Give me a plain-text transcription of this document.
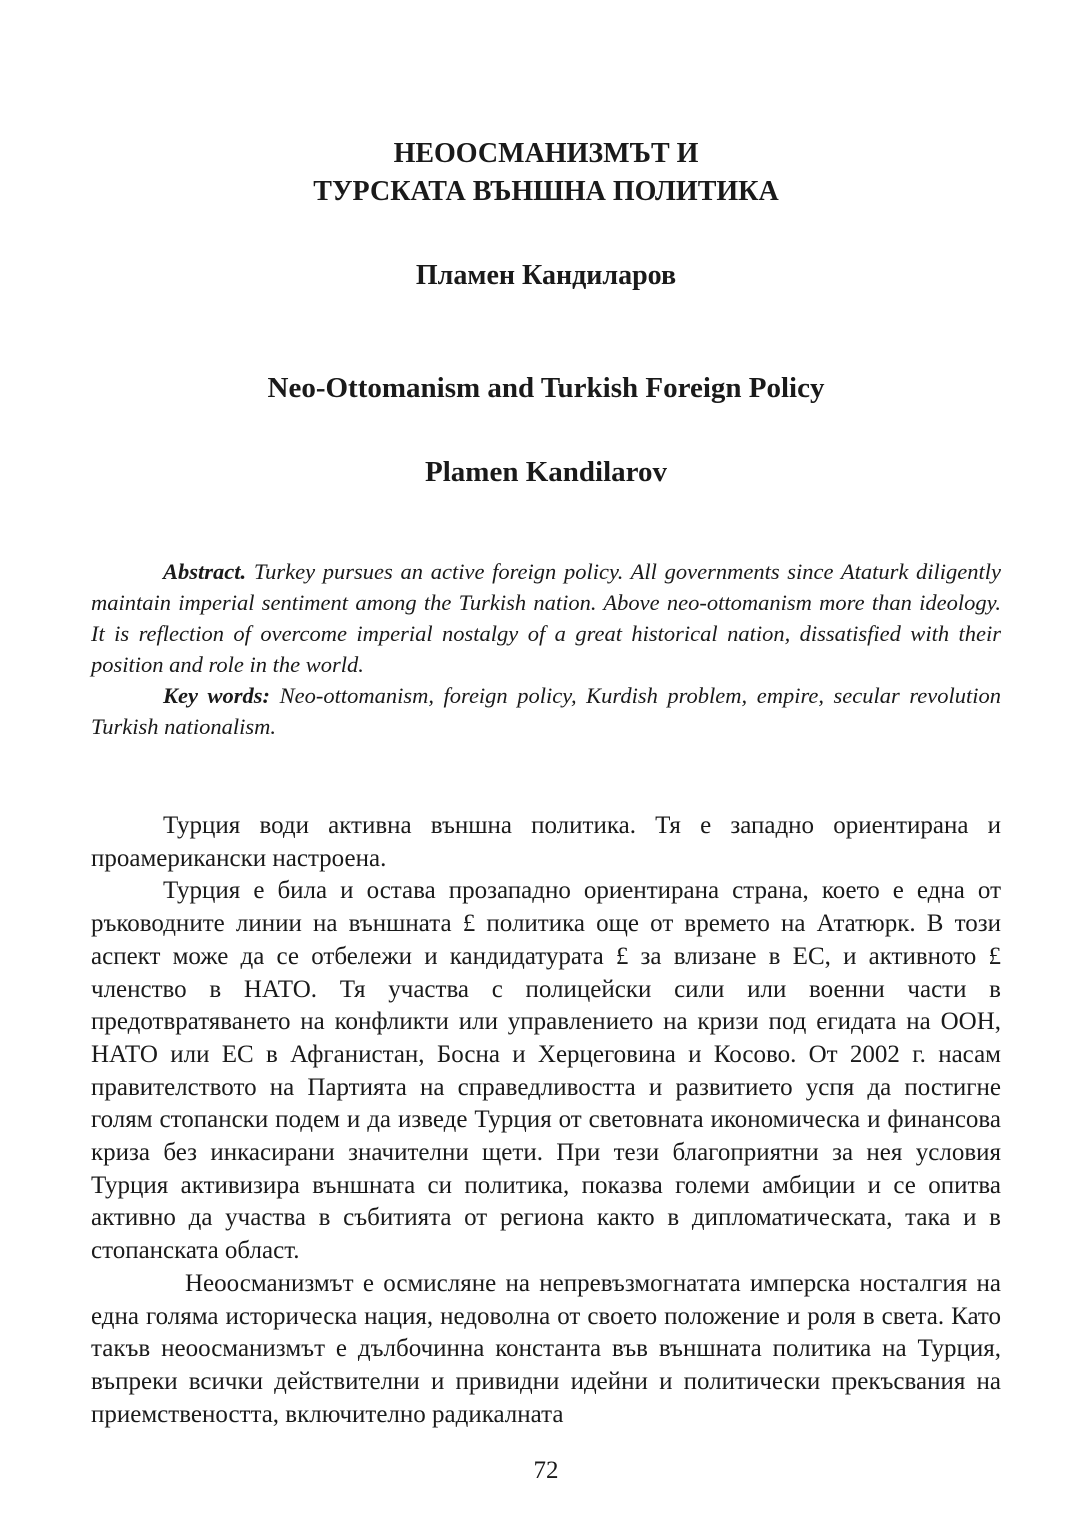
НЕООСМАНИЗМЪТ И
ТУРСКАТА ВЪНШНА ПОЛИТИКА
Пламен Кандиларов
Neo-Ottomanism and Turkish Foreign Policy
Plamen Kandilarov

Abstract. Turkey pursues an active foreign policy. All governments since Ataturk diligently maintain imperial sentiment among the Turkish nation. Above neo-ottomanism more than ideology. It is reflection of overcome imperial nostalgy of a great historical nation, dissatisfied with their position and role in the world.

Key words: Neo-ottomanism, foreign policy, Kurdish problem, empire, secular revolution Turkish nationalism.

Турция води активна външна политика. Тя е западно ориентирана и проамерикански настроена.

Турция е била и остава прозападно ориентирана страна, което е една от ръководните линии на външната £ политика още от времето на Ататюрк. В този аспект може да се отбележи и кандидатурата £ за влизане в ЕС, и активното £ членство в НАТО. Тя участва с полицейски сили или военни части в предотвратяването на конфликти или управлението на кризи под егидата на ООН, НАТО или ЕС в Афганистан, Босна и Херцеговина и Косово. От 2002 г. насам правителството на Партията на справедливостта и развитието успя да постигне голям стопански подем и да изведе Турция от световната икономическа и финансова криза без инкасирани значителни щети. При тези благоприятни за нея условия Турция активизира външната си политика, показва големи амбиции и се опитва активно да участва в събитията от региона както в дипломатическата, така и в стопанската област.

Неоосманизмът е осмисляне на непревъзмогнатата имперска носталгия на една голяма историческа нация, недоволна от своето положение и роля в света. Като такъв неоосманизмът е дълбочинна константа във външната политика на Турция, въпреки всички действителни и привидни идейни и политически прекъсвания на приемствеността, включително радикалната

72
